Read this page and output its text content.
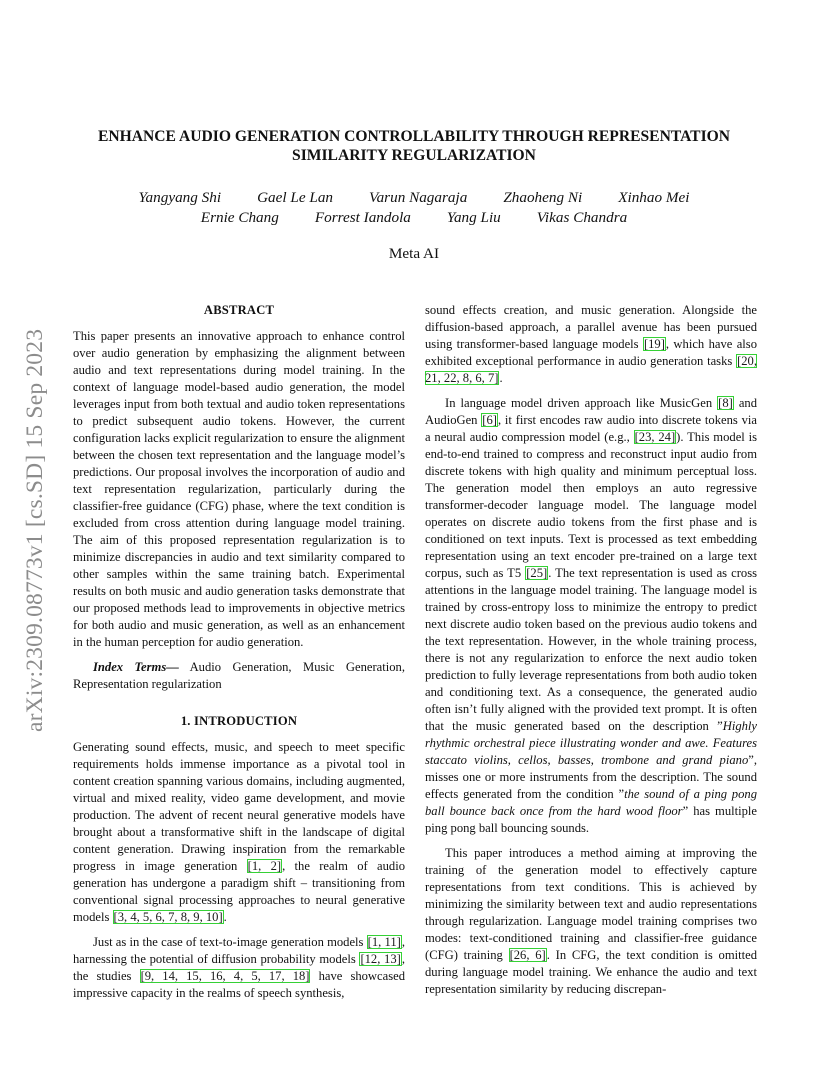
arXiv:2309.08773v1 [cs.SD] 15 Sep 2023
ENHANCE AUDIO GENERATION CONTROLLABILITY THROUGH REPRESENTATION
SIMILARITY REGULARIZATION
Yangyang Shi Gael Le Lan Varun Nagaraja Zhaoheng Ni Xinhao Mei
Ernie Chang Forrest Iandola Yang Liu Vikas Chandra
Meta AI
ABSTRACT

This paper presents an innovative approach to enhance control over audio generation by emphasizing the alignment between audio and text representations during model training. In the context of language model-based audio generation, the model leverages input from both textual and audio token representations to predict subsequent audio tokens. However, the current configuration lacks explicit regularization to ensure the alignment between the chosen text representation and the language model’s predictions. Our proposal involves the incorporation of audio and text representation regularization, particularly during the classifier-free guidance (CFG) phase, where the text condition is excluded from cross attention during language model training. The aim of this proposed representation regularization is to minimize discrepancies in audio and text similarity compared to other samples within the same training batch. Experimental results on both music and audio generation tasks demonstrate that our proposed methods lead to improvements in objective metrics for both audio and music generation, as well as an enhancement in the human perception for audio generation.

Index Terms— Audio Generation, Music Generation, Representation regularization

1. INTRODUCTION

Generating sound effects, music, and speech to meet specific requirements holds immense importance as a pivotal tool in content creation spanning various domains, including augmented, virtual and mixed reality, video game development, and movie production. The advent of recent neural generative models have brought about a transformative shift in the landscape of digital content generation. Drawing inspiration from the remarkable progress in image generation [1, 2], the realm of audio generation has undergone a paradigm shift – transitioning from conventional signal processing approaches to neural generative models [3, 4, 5, 6, 7, 8, 9, 10].

Just as in the case of text-to-image generation models [1, 11], harnessing the potential of diffusion probability models [12, 13], the studies [9, 14, 15, 16, 4, 5, 17, 18] have showcased impressive capacity in the realms of speech synthesis,

sound effects creation, and music generation. Alongside the diffusion-based approach, a parallel avenue has been pursued using transformer-based language models [19], which have also exhibited exceptional performance in audio generation tasks [20, 21, 22, 8, 6, 7].

In language model driven approach like MusicGen [8] and AudioGen [6], it first encodes raw audio into discrete tokens via a neural audio compression model (e.g., [23, 24]). This model is end-to-end trained to compress and reconstruct input audio from discrete tokens with high quality and minimum perceptual loss. The generation model then employs an auto regressive transformer-decoder language model. The language model operates on discrete audio tokens from the first phase and is conditioned on text inputs. Text is processed as text embedding representation using an text encoder pre-trained on a large text corpus, such as T5 [25]. The text representation is used as cross attentions in the language model training. The language model is trained by cross-entropy loss to minimize the entropy to predict next discrete audio token based on the previous audio tokens and the text representation. However, in the whole training process, there is not any regularization to enforce the next audio token prediction to fully leverage representations from both audio token and conditioning text. As a consequence, the generated audio often isn’t fully aligned with the provided text prompt. It is often that the music generated based on the description ”Highly rhythmic orchestral piece illustrating wonder and awe. Features staccato violins, cellos, basses, trombone and grand piano”, misses one or more instruments from the description. The sound effects generated from the condition ”the sound of a ping pong ball bounce back once from the hard wood floor” has multiple ping pong ball bouncing sounds.

This paper introduces a method aiming at improving the training of the generation model to effectively capture representations from text conditions. This is achieved by minimizing the similarity between text and audio representations through regularization. Language model training comprises two modes: text-conditioned training and classifier-free guidance (CFG) training [26, 6]. In CFG, the text condition is omitted during language model training. We enhance the audio and text representation similarity by reducing discrepan-
